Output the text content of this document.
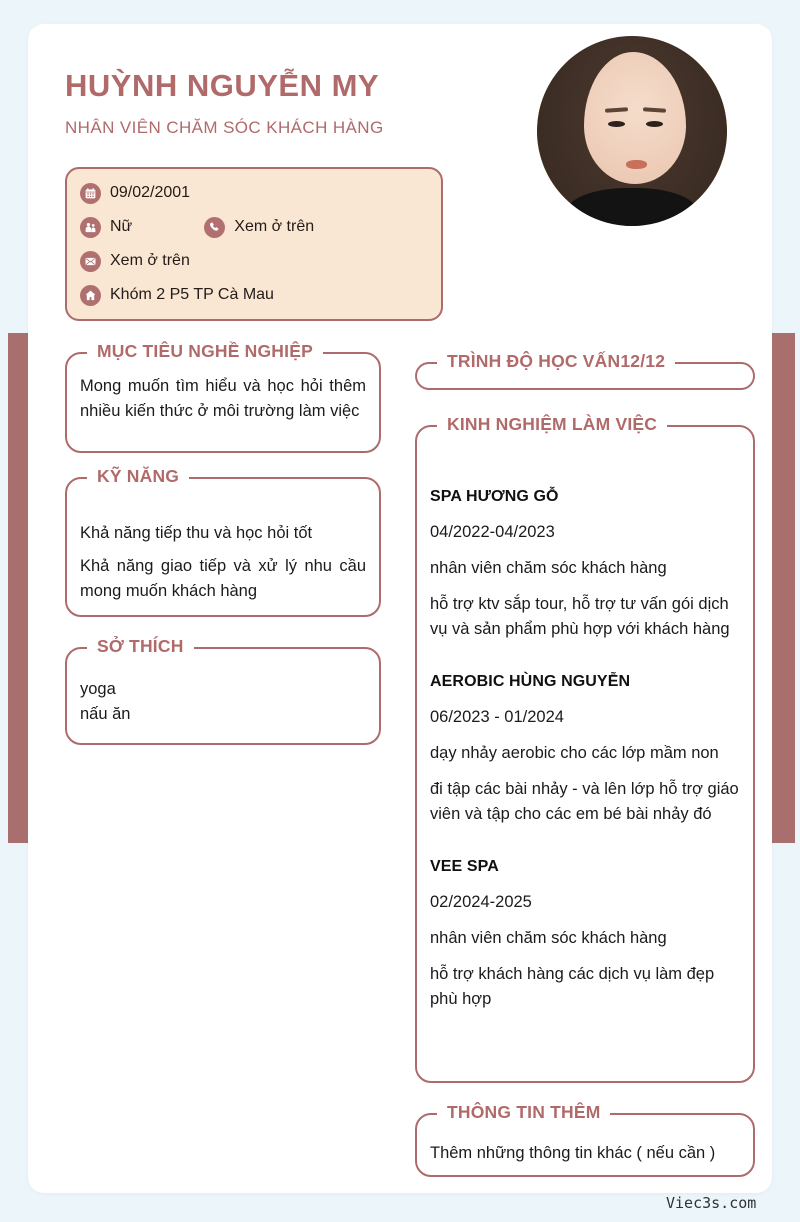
HUỲNH NGUYỄN MY
NHÂN VIÊN CHĂM SÓC KHÁCH HÀNG
09/02/2001
Nữ	Xem ở trên
Xem ở trên
Khóm 2 P5 TP Cà Mau
MỤC TIÊU NGHỀ NGHIỆP

Mong muốn tìm hiểu và học hỏi thêm nhiều kiến thức ở môi trường làm việc

KỸ NĂNG

Khả năng tiếp thu và học hỏi tốt

Khả năng giao tiếp và xử lý nhu cầu mong muốn khách hàng

SỞ THÍCH

yoga

nấu ăn

TRÌNH ĐỘ HỌC VẤN12/12
KINH NGHIỆM LÀM VIỆC

SPA HƯƠNG GỖ

04/2022-04/2023

nhân viên chăm sóc khách hàng

hỗ trợ ktv sắp tour, hỗ trợ tư vấn gói dịch vụ và sản phẩm phù hợp với khách hàng

AEROBIC HÙNG NGUYỄN

06/2023 - 01/2024

dạy nhảy aerobic cho các lớp mầm non

đi tập các bài nhảy - và lên lớp hỗ trợ giáo viên và tập cho các em bé bài nhảy đó

VEE SPA

02/2024-2025

nhân viên chăm sóc khách hàng

hỗ trợ khách hàng các dịch vụ làm đẹp phù hợp

THÔNG TIN THÊM

Thêm những thông tin khác ( nếu cần )

Viec3s.com
